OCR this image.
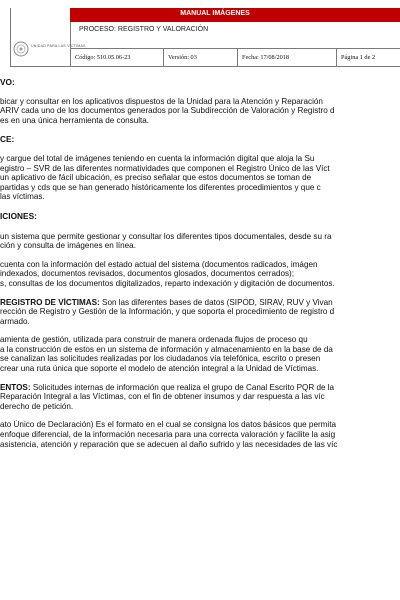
UNIDAD PARA LAS VÍCTIMAS
MANUAL IMÁGENES
PROCESO: REGISTRO Y VALORACIÓN
Código: 510.05.06-23	Versión: 03	Fecha: 17/08/2018	Página 1 de 2

VO:

bicar y consultar en los aplicativos dispuestos de la Unidad para la Atención y Reparación
ARIV cada uno de los documentos generados por la Subdirección de Valoración y Registro d
es en una única herramienta de consulta.

CE:

y cargue del total de imágenes teniendo en cuenta la información digital que aloja la Su
egistro – SVR de las diferentes normatividades que componen el Registro Único de las Víct
un aplicativo de fácil ubicación, es preciso señalar que estos documentos se toman de
partidas y cds que se han generado históricamente los diferentes procedimientos y que c
las víctimas.

ICIONES:

un sistema que permite gestionar y consultar los diferentes tipos documentales, desde su ra
ción y consulta de imágenes en línea.
cuenta con la información del estado actual del sistema (documentos radicados, imágen
indexados, documentos revisados, documentos glosados, documentos cerrados);
s, consultas de los documentos digitalizados, reparto indexación y digitación de documentos.
REGISTRO DE VÍCTIMAS: Son las diferentes bases de datos (SIPOD, SIRAV, RUV y Vivan
rección de Registro y Gestión de la Información, y que soporta el procedimiento de registro d
armado.
amienta de gestión, utilizada para construir de manera ordenada flujos de proceso qu
a la construcción de estos en un sistema de información y almacenamiento en la base de da
se canalizan las solicitudes realizadas por los ciudadanos vía telefónica, escrito o presen
crear una ruta única que soporte el modelo de atención integral a la Unidad de Víctimas.
ENTOS: Solicitudes internas de información que realiza el grupo de Canal Escrito PQR de la
Reparación Integral a las Víctimas, con el fin de obtener insumos y dar respuesta a las víc
derecho de petición.
ato Único de Declaración) Es el formato en el cual se consigna los datos básicos que permita
enfoque diferencial, de la información necesaria para una correcta valoración y facilite la asig
asistencia, atención y reparación que se adecuen al daño sufrido y las necesidades de las víc
